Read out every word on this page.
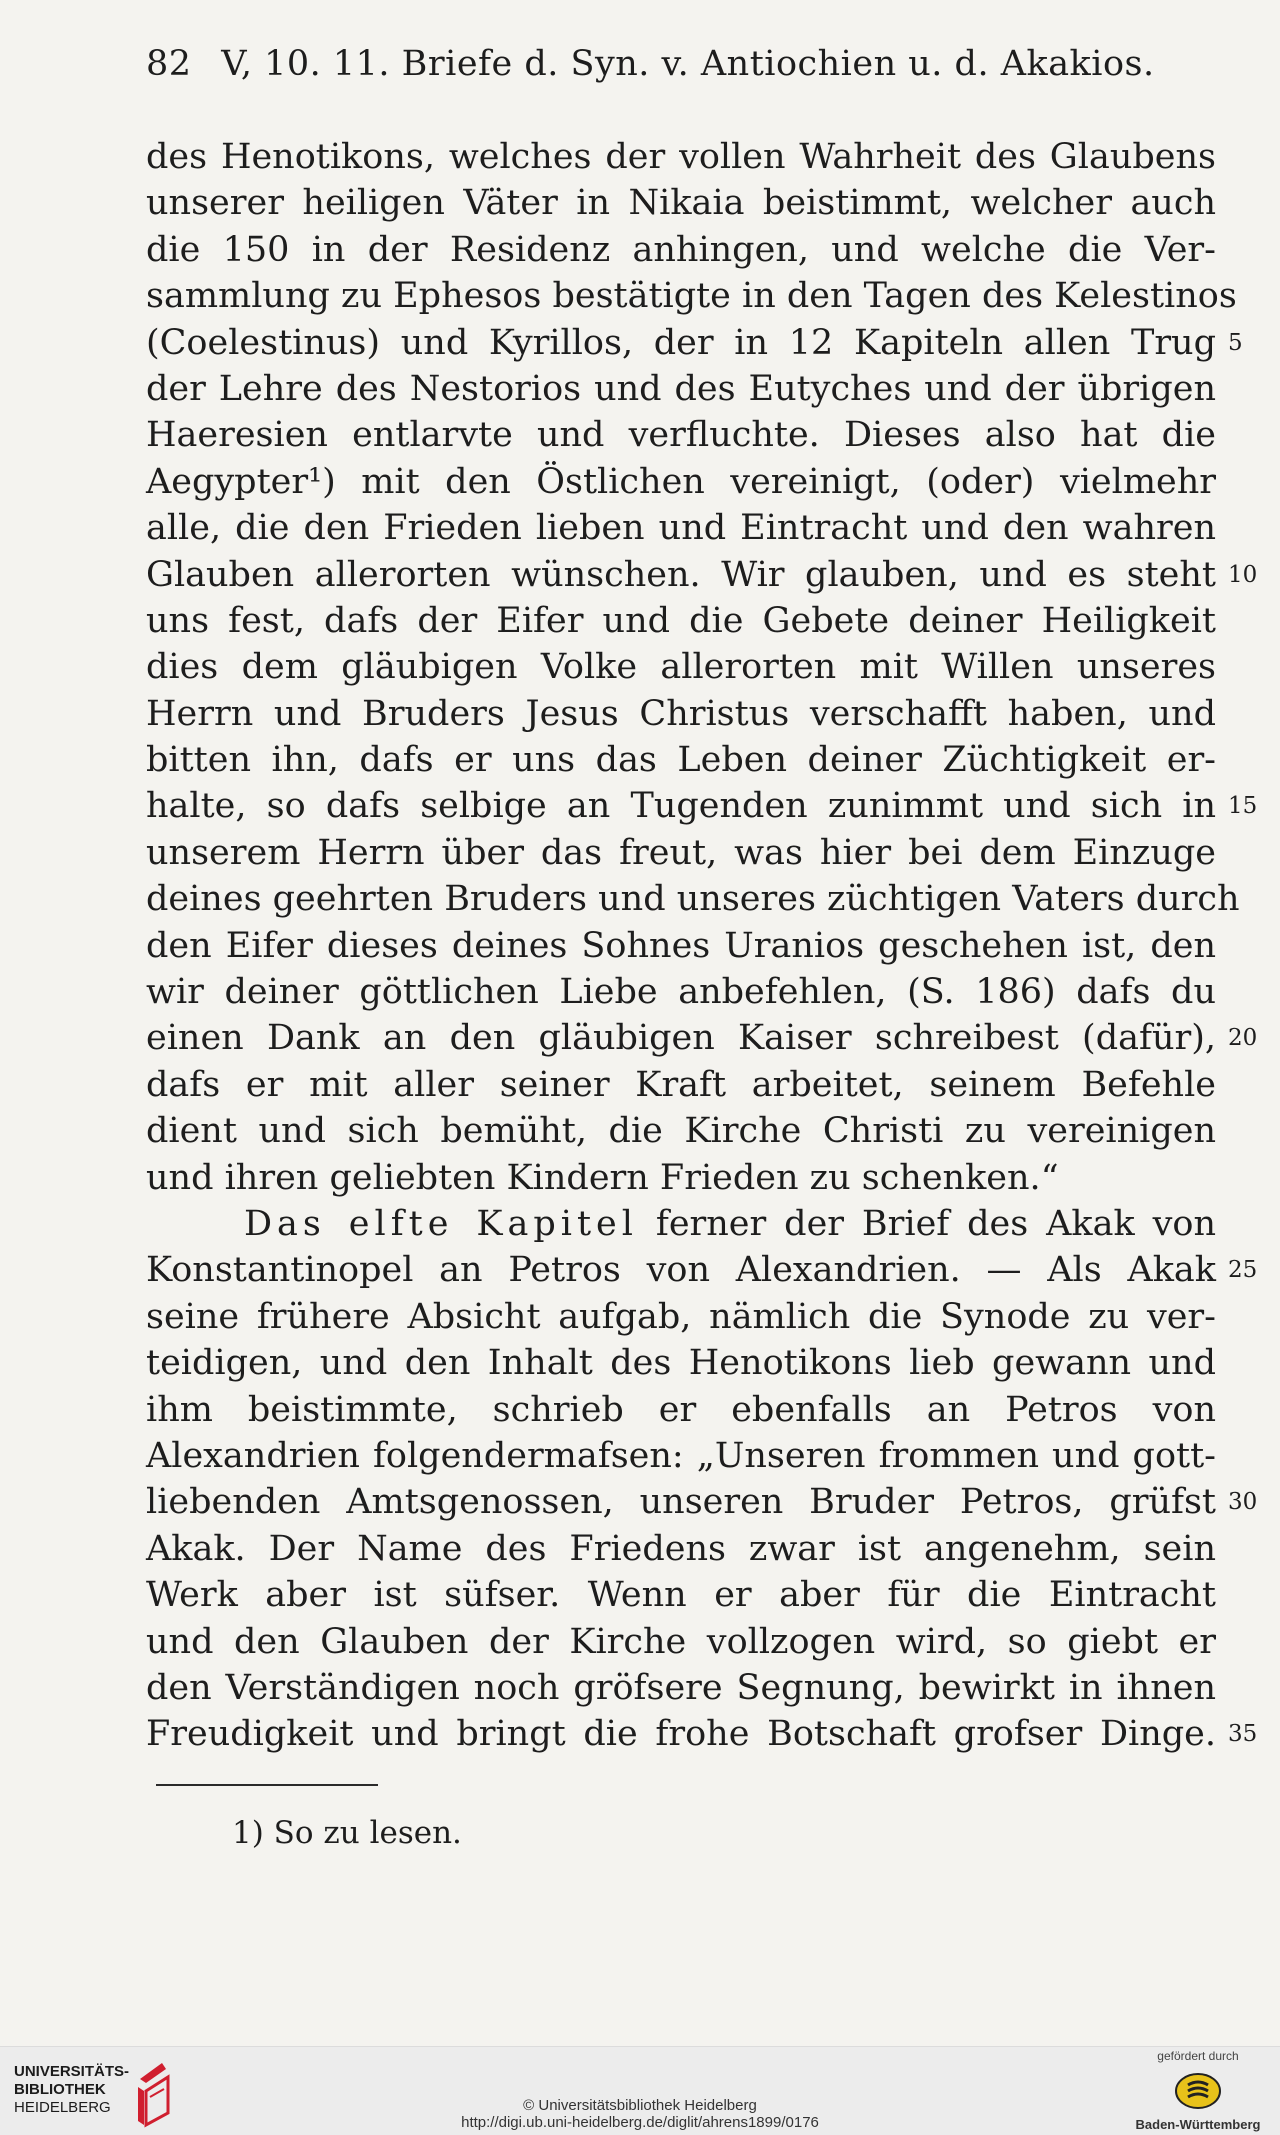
82 V, 10. 11. Briefe d. Syn. v. Antiochien u. d. Akakios.
des Henotikons, welches der vollen Wahrheit des Glaubens
unserer heiligen Väter in Nikaia beistimmt, welcher auch
die 150 in der Residenz anhingen, und welche die Ver-
sammlung zu Ephesos bestätigte in den Tagen des Kelestinos
(Coelestinus) und Kyrillos, der in 12 Kapiteln allen Trug 5
der Lehre des Nestorios und des Eutyches und der übrigen
Haeresien entlarvte und verfluchte. Dieses also hat die
Aegypter¹) mit den Östlichen vereinigt, (oder) vielmehr
alle, die den Frieden lieben und Eintracht und den wahren
Glauben allerorten wünschen. Wir glauben, und es steht 10
uns fest, dafs der Eifer und die Gebete deiner Heiligkeit
dies dem gläubigen Volke allerorten mit Willen unseres
Herrn und Bruders Jesus Christus verschafft haben, und
bitten ihn, dafs er uns das Leben deiner Züchtigkeit er-
halte, so dafs selbige an Tugenden zunimmt und sich in 15
unserem Herrn über das freut, was hier bei dem Einzuge
deines geehrten Bruders und unseres züchtigen Vaters durch
den Eifer dieses deines Sohnes Uranios geschehen ist, den
wir deiner göttlichen Liebe anbefehlen, (S. 186) dafs du
einen Dank an den gläubigen Kaiser schreibest (dafür), 20
dafs er mit aller seiner Kraft arbeitet, seinem Befehle
dient und sich bemüht, die Kirche Christi zu vereinigen
und ihren geliebten Kindern Frieden zu schenken.“
Das elfte Kapitel ferner der Brief des Akak von
Konstantinopel an Petros von Alexandrien. — Als Akak 25
seine frühere Absicht aufgab, nämlich die Synode zu ver-
teidigen, und den Inhalt des Henotikons lieb gewann und
ihm beistimmte, schrieb er ebenfalls an Petros von
Alexandrien folgendermafsen: „Unseren frommen und gott-
liebenden Amtsgenossen, unseren Bruder Petros, grüfst 30
Akak. Der Name des Friedens zwar ist angenehm, sein
Werk aber ist süfser. Wenn er aber für die Eintracht
und den Glauben der Kirche vollzogen wird, so giebt er
den Verständigen noch gröfsere Segnung, bewirkt in ihnen
Freudigkeit und bringt die frohe Botschaft grofser Dinge. 35
1) So zu lesen.
UNIVERSITÄTS-
BIBLIOTHEK
HEIDELBERG	© Universitätsbibliothek Heidelberg
http://digi.ub.uni-heidelberg.de/diglit/ahrens1899/0176
gefördert durch
Baden-Württemberg
